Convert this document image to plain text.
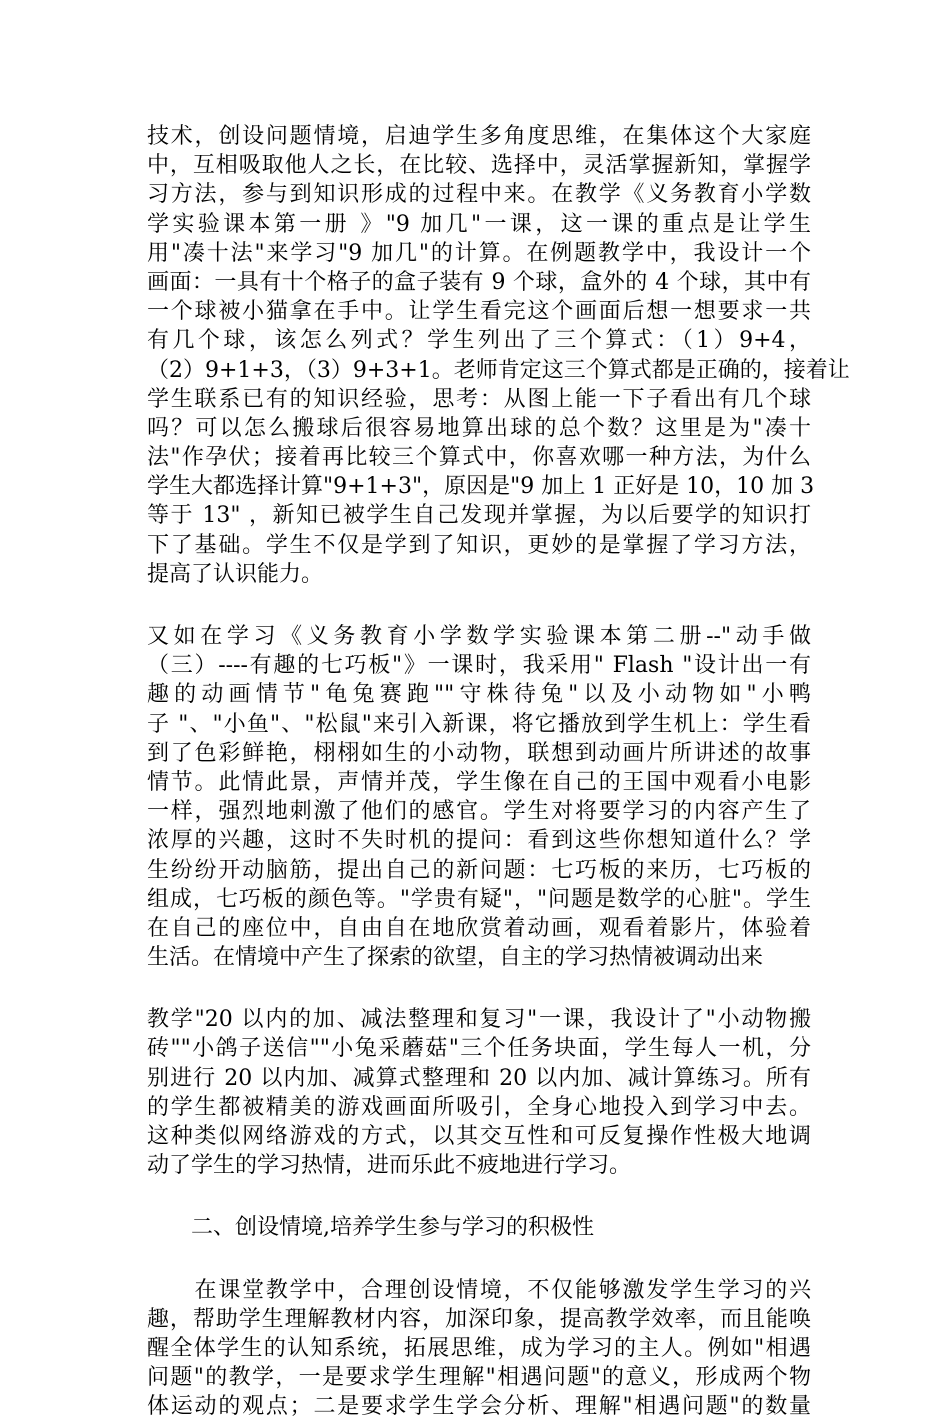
技术，创设问题情境，启迪学生多角度思维，在集体这个大家庭
中，互相吸取他人之长，在比较、选择中，灵活掌握新知，掌握学
习方法，参与到知识形成的过程中来。在教学《义务教育小学数
学实验课本第一册 》"9 加几"一课，这一课的重点是让学生
用"凑十法"来学习"9 加几"的计算。在例题教学中，我设计一个
画面：一具有十个格子的盒子装有 9 个球，盒外的 4 个球，其中有
一个球被小猫拿在手中。让学生看完这个画面后想一想要求一共
有几个球，该怎么列式？学生列出了三个算式：（1）9+4，
（2）9+1+3，（3）9+3+1。老师肯定这三个算式都是正确的，接着让
学生联系已有的知识经验，思考：从图上能一下子看出有几个球
吗？可以怎么搬球后很容易地算出球的总个数？这里是为"凑十
法"作孕伏；接着再比较三个算式中，你喜欢哪一种方法，为什么
学生大都选择计算"9+1+3"，原因是"9 加上 1 正好是 10，10 加 3
等于 13" ，新知已被学生自己发现并掌握，为以后要学的知识打
下了基础。学生不仅是学到了知识，更妙的是掌握了学习方法，
提高了认识能力。
又如在学习《义务教育小学数学实验课本第二册--"动手做
（三）----有趣的七巧板"》一课时，我采用" Flash "设计出一有
趣的动画情节"龟兔赛跑""守株待兔"以及小动物如"小鸭
子 "、"小鱼"、"松鼠"来引入新课，将它播放到学生机上：学生看
到了色彩鲜艳，栩栩如生的小动物，联想到动画片所讲述的故事
情节。此情此景，声情并茂，学生像在自己的王国中观看小电影
一样，强烈地刺激了他们的感官。学生对将要学习的内容产生了
浓厚的兴趣，这时不失时机的提问：看到这些你想知道什么？学
生纷纷开动脑筋，提出自己的新问题：七巧板的来历，七巧板的
组成，七巧板的颜色等。"学贵有疑"，"问题是数学的心脏"。学生
在自己的座位中，自由自在地欣赏着动画，观看着影片，体验着
生活。在情境中产生了探索的欲望，自主的学习热情被调动出来
教学"20 以内的加、减法整理和复习"一课，我设计了"小动物搬
砖""小鸽子送信""小兔采蘑菇"三个任务块面，学生每人一机，分
别进行 20 以内加、减算式整理和 20 以内加、减计算练习。所有
的学生都被精美的游戏画面所吸引，全身心地投入到学习中去。
这种类似网络游戏的方式，以其交互性和可反复操作性极大地调
动了学生的学习热情，进而乐此不疲地进行学习。
　　二、创设情境,培养学生参与学习的积极性
　　在课堂教学中，合理创设情境，不仅能够激发学生学习的兴
趣，帮助学生理解教材内容，加深印象，提高教学效率，而且能唤
醒全体学生的认知系统，拓展思维，成为学习的主人。例如"相遇
问题"的教学，一是要求学生理解"相遇问题"的意义，形成两个物
体运动的观点；二是要求学生学会分析、理解"相遇问题"的数量
